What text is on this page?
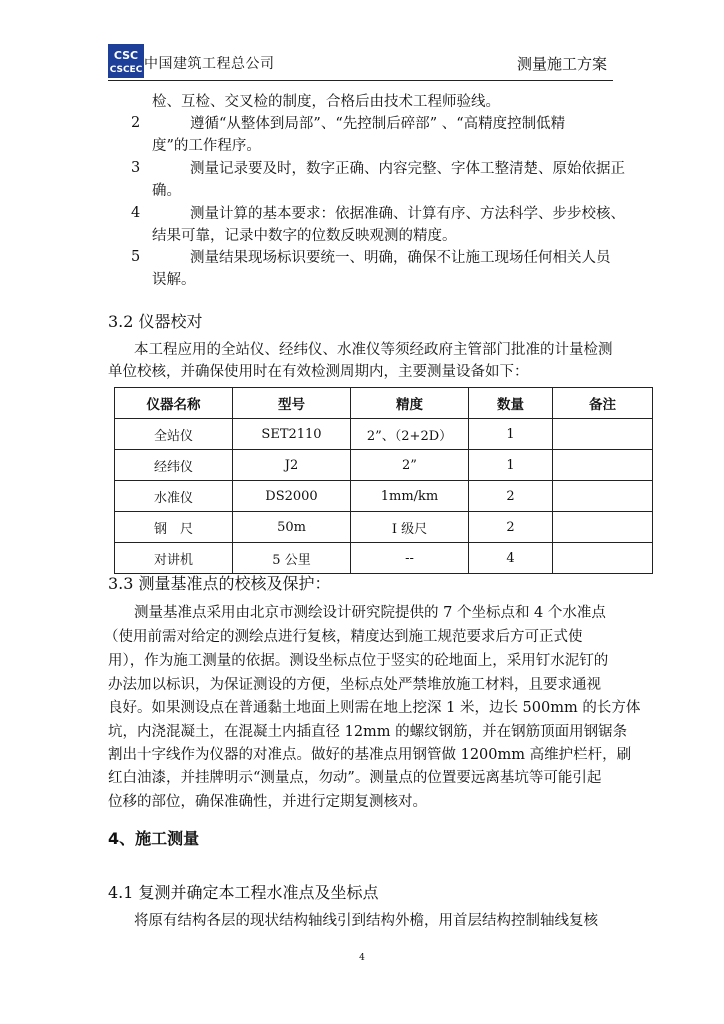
CSC
CSCEC 中国建筑工程总公司	测量施工方案
检、互检、交叉检的制度，合格后由技术工程师验线。
2	遵循“从整体到局部”、“先控制后碎部” 、“高精度控制低精
度”的工作程序。
3	测量记录要及时，数字正确、内容完整、字体工整清楚、原始依据正
确。
4	测量计算的基本要求：依据准确、计算有序、方法科学、步步校核、
结果可靠，记录中数字的位数反映观测的精度。
5	测量结果现场标识要统一、明确，确保不让施工现场任何相关人员
误解。
3.2 仪器校对
本工程应用的全站仪、经纬仪、水准仪等须经政府主管部门批准的计量检测
单位校核，并确保使用时在有效检测周期内，主要测量设备如下：
仪器名称	型号	精度	数量	备注
全站仪	SET2110	2”、（2+2D）	1	
经纬仪	J2	2”	1	
水准仪	DS2000	1mm/km	2	
钢　尺	50m	Ⅰ 级尺	2	
对讲机	5 公里	--	4	
3.3 测量基准点的校核及保护：
测量基准点采用由北京市测绘设计研究院提供的 7 个坐标点和 4 个水准点
（使用前需对给定的测绘点进行复核，精度达到施工规范要求后方可正式使
用），作为施工测量的依据。测设坐标点位于竖实的砼地面上，采用钉水泥钉的
办法加以标识，为保证测设的方便，坐标点处严禁堆放施工材料，且要求通视
良好。如果测设点在普通黏土地面上则需在地上挖深 1 米，边长 500mm 的长方体
坑，内浇混凝土，在混凝土内插直径 12mm 的螺纹钢筋，并在钢筋顶面用钢锯条
割出十字线作为仪器的对准点。做好的基准点用钢管做 1200mm 高维护栏杆，刷
红白油漆，并挂牌明示“测量点，勿动”。测量点的位置要远离基坑等可能引起
位移的部位，确保准确性，并进行定期复测核对。
4、施工测量
4.1 复测并确定本工程水准点及坐标点
将原有结构各层的现状结构轴线引到结构外檐，用首层结构控制轴线复核
4
